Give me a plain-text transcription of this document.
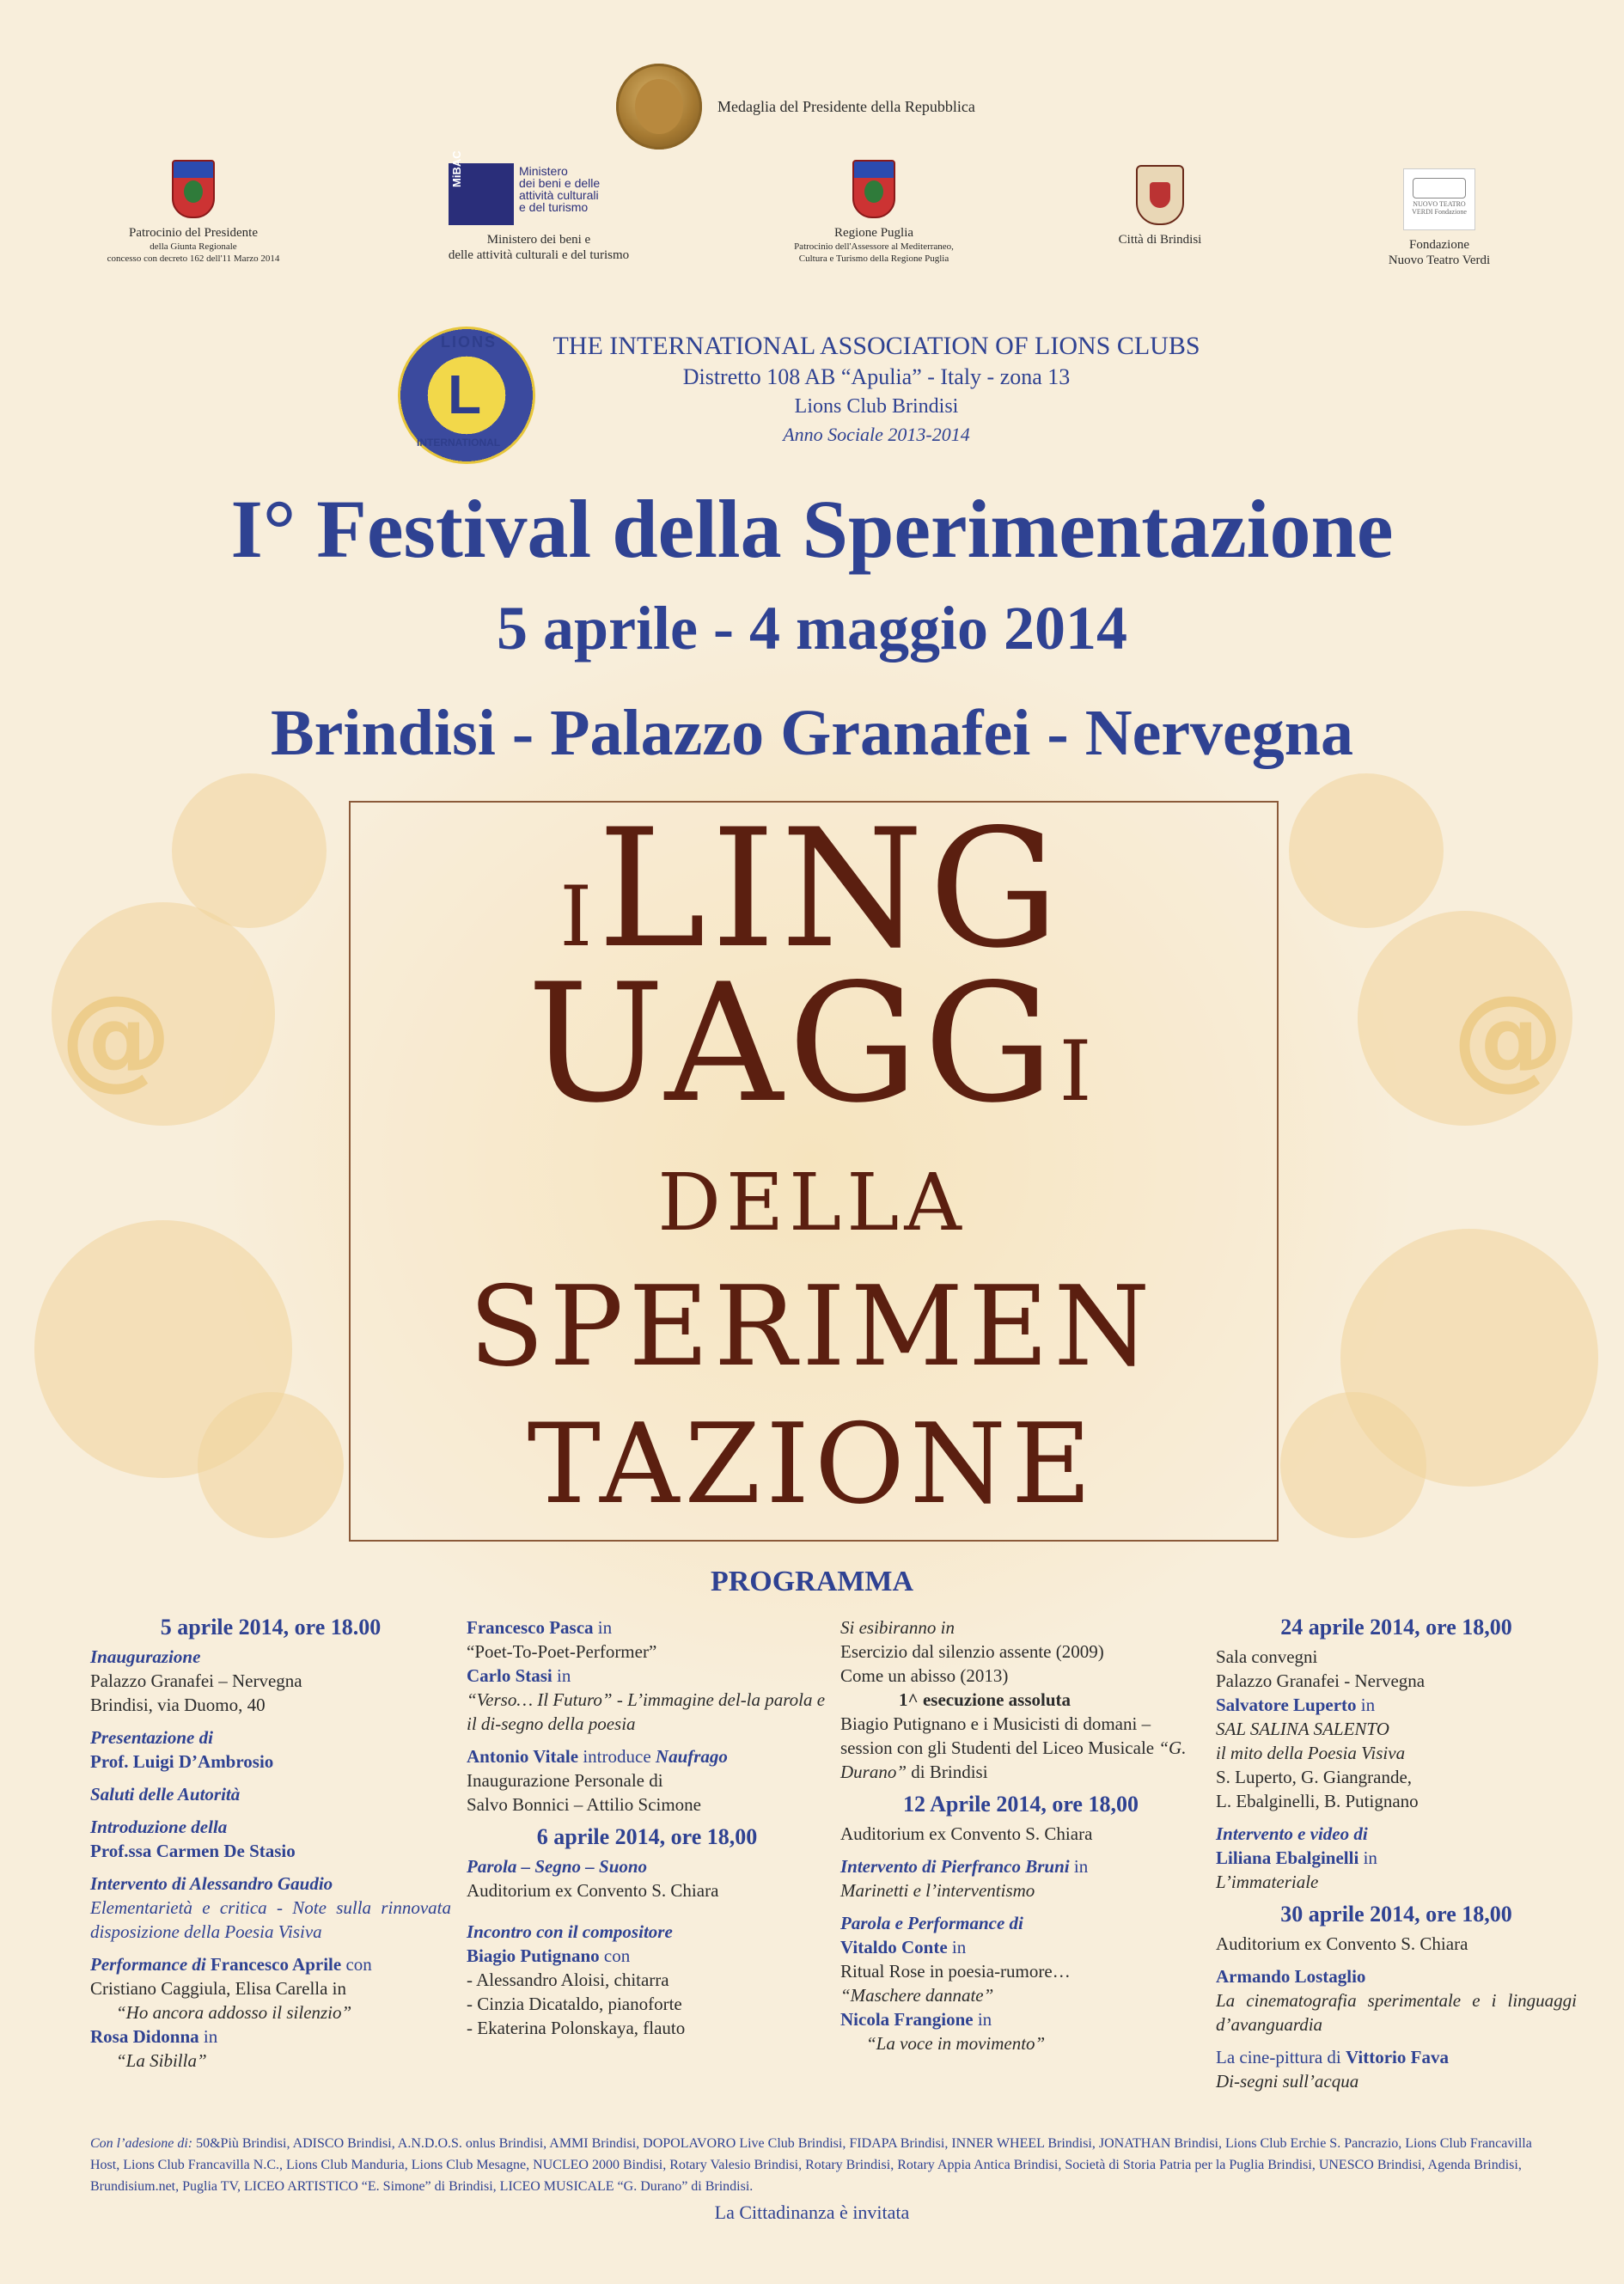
@	@
Medaglia del Presidente della Repubblica
Patrocinio del Presidente
della Giunta Regionale
concesso con decreto 162 dell'11 Marzo 2014
MiBAC	Ministero
dei beni e delle
attività culturali
e del turismo
Ministero dei beni e
delle attività culturali e del turismo
Regione Puglia
Patrocinio dell'Assessore al Mediterraneo,
Cultura e Turismo della Regione Puglia
Città di Brindisi
NUOVO TEATRO VERDI Fondazione
Fondazione
Nuovo Teatro Verdi
LIONS
L
INTERNATIONAL
THE INTERNATIONAL ASSOCIATION OF LIONS CLUBS
Distretto 108 AB “Apulia” - Italy - zona 13
Lions Club Brindisi
Anno Sociale 2013-2014
I° Festival della Sperimentazione
5 aprile - 4 maggio 2014
Brindisi - Palazzo Granafei - Nervegna
ILING
UAGGI
DELLA
SPERIMEN
TAZIONE
PROGRAMMA

5 aprile 2014, ore 18.00

Inaugurazione

Palazzo Granafei – Nervegna

Brindisi, via Duomo, 40

Presentazione di

Prof. Luigi D’Ambrosio

Saluti delle Autorità

Introduzione della

Prof.ssa Carmen De Stasio

Intervento di Alessandro Gaudio

Elementarietà e critica - Note sulla rinnovata disposizione della Poesia Visiva

Performance di Francesco Aprile con

Cristiano Caggiula, Elisa Carella in

“Ho ancora addosso il silenzio”

Rosa Didonna in

“La Sibilla”

Francesco Pasca in

“Poet-To-Poet-Performer”

Carlo Stasi in

“Verso… Il Futuro” - L’immagine del-la parola e il di-segno della poesia

Antonio Vitale introduce Naufrago

Inaugurazione Personale di

Salvo Bonnici – Attilio Scimone

6 aprile 2014, ore 18,00

Parola – Segno – Suono

Auditorium ex Convento S. Chiara

Incontro con il compositore

Biagio Putignano con

- Alessandro Aloisi, chitarra

- Cinzia Dicataldo, pianoforte

- Ekaterina Polonskaya, flauto

Si esibiranno in

Esercizio dal silenzio assente (2009)

Come un abisso (2013)

1^ esecuzione assoluta

Biagio Putignano e i Musicisti di domani – session con gli Studenti del Liceo Musicale “G. Durano” di Brindisi

12 Aprile 2014, ore 18,00

Auditorium ex Convento S. Chiara

Intervento di Pierfranco Bruni in

Marinetti e l’interventismo

Parola e Performance di

Vitaldo Conte in

Ritual Rose in poesia-rumore…

“Maschere dannate”

Nicola Frangione in

“La voce in movimento”

24 aprile 2014, ore 18,00

Sala convegni

Palazzo Granafei - Nervegna

Salvatore Luperto in

SAL SALINA SALENTO

il mito della Poesia Visiva

S. Luperto, G. Giangrande,

L. Ebalginelli, B. Putignano

Intervento e video di

Liliana Ebalginelli in

L’immateriale

30 aprile 2014, ore 18,00

Auditorium ex Convento S. Chiara

Armando Lostaglio

La cinematografia sperimentale e i linguaggi d’avanguardia

La cine-pittura di Vittorio Fava

Di-segni sull’acqua

Con l’adesione di: 50&Più Brindisi, ADISCO Brindisi, A.N.D.O.S. onlus Brindisi, AMMI Brindisi, DOPOLAVORO Live Club Brindisi, FIDAPA Brindisi, INNER WHEEL Brindisi, JONATHAN Brindisi, Lions Club Erchie S. Pancrazio, Lions Club Francavilla Host, Lions Club Francavilla N.C., Lions Club Manduria, Lions Club Mesagne, NUCLEO 2000 Bindisi, Rotary Valesio Brindisi, Rotary Brindisi, Rotary Appia Antica Brindisi, Società di Storia Patria per la Puglia Brindisi, UNESCO Brindisi, Agenda Brindisi, Brundisium.net, Puglia TV, LICEO ARTISTICO “E. Simone” di Brindisi, LICEO MUSICALE “G. Durano” di Brindisi.
La Cittadinanza è invitata
